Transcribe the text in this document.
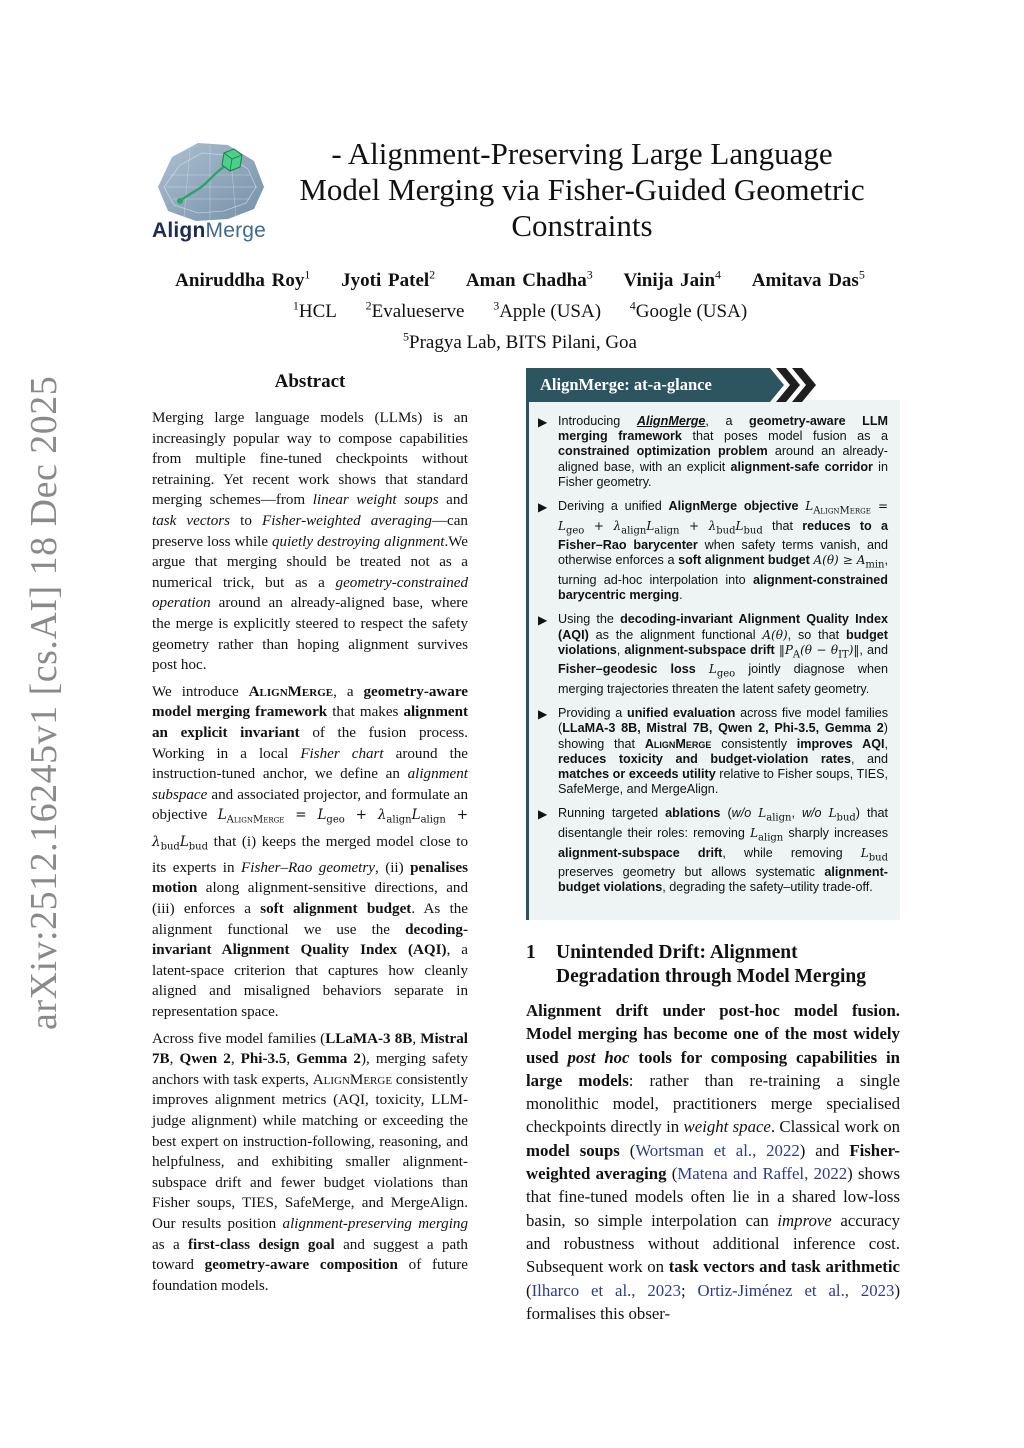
arXiv:2512.16245v1 [cs.AI] 18 Dec 2025
AlignMerge
- Alignment-Preserving Large Language
Model Merging via Fisher-Guided Geometric
Constraints
Aniruddha Roy$^1$ Jyoti Patel$^2$ Aman Chadha$^3$ Vinija Jain$^4$ Amitava Das$^5$
$^1$HCL $^2$Evalueserve $^3$Apple (USA) $^4$Google (USA)
$^5$Pragya Lab, BITS Pilani, Goa
Abstract

Merging large language models (LLMs) is an increasingly popular way to compose capabilities from multiple fine-tuned checkpoints without retraining. Yet recent work shows that standard merging schemes—from linear weight soups and task vectors to Fisher-weighted averaging—can preserve loss while quietly destroying alignment.We argue that merging should be treated not as a numerical trick, but as a geometry-constrained operation around an already-aligned base, where the merge is explicitly steered to respect the safety geometry rather than hoping alignment survives post hoc.

We introduce AlignMerge, a geometry-aware model merging framework that makes alignment an explicit invariant of the fusion process. Working in a local Fisher chart around the instruction-tuned anchor, we define an alignment subspace and associated projector, and formulate an objective $L_{AlignMerge} = L_{geo} + \lambda_{align}L_{align} + \lambda_{bud}L_{bud}$ that (i) keeps the merged model close to its experts in Fisher–Rao geometry, (ii) penalises motion along alignment-sensitive directions, and (iii) enforces a soft alignment budget. As the alignment functional we use the decoding-invariant Alignment Quality Index (AQI), a latent-space criterion that captures how cleanly aligned and misaligned behaviors separate in representation space.

Across five model families (LLaMA-3 8B, Mistral 7B, Qwen 2, Phi-3.5, Gemma 2), merging safety anchors with task experts, AlignMerge consistently improves alignment metrics (AQI, toxicity, LLM-judge alignment) while matching or exceeding the best expert on instruction-following, reasoning, and helpfulness, and exhibiting smaller alignment-subspace drift and fewer budget violations than Fisher soups, TIES, SafeMerge, and MergeAlign. Our results position alignment-preserving merging as a first-class design goal and suggest a path toward geometry-aware composition of future foundation models.

AlignMerge: at-a-glance
▶ Introducing AlignMerge, a geometry-aware LLM merging framework that poses model fusion as a constrained optimization problem around an already-aligned base, with an explicit alignment-safe corridor in Fisher geometry.
▶ Deriving a unified AlignMerge objective $L_{AlignMerge} = L_{geo} + \lambda_{align}L_{align} + \lambda_{bud}L_{bud}$ that reduces to a Fisher–Rao barycenter when safety terms vanish, and otherwise enforces a soft alignment budget $A(\theta) \ge A_{min}$, turning ad-hoc interpolation into alignment-constrained barycentric merging.
▶ Using the decoding-invariant Alignment Quality Index (AQI) as the alignment functional A(θ), so that budget violations, alignment-subspace drift $‖P_A(\theta$ − $\theta_{IT})‖$, and Fisher–geodesic loss $L_{geo}$ jointly diagnose when merging trajectories threaten the latent safety geometry.
▶ Providing a unified evaluation across five model families (LLaMA-3 8B, Mistral 7B, Qwen 2, Phi-3.5, Gemma 2) showing that AlignMerge consistently improves AQI, reduces toxicity and budget-violation rates, and matches or exceeds utility relative to Fisher soups, TIES, SafeMerge, and MergeAlign.
▶ Running targeted ablations (w/o $L_{align}$, w/o $L_{bud}$) that disentangle their roles: removing $L_{align}$ sharply increases alignment-subspace drift, while removing $L_{bud}$ preserves geometry but allows systematic alignment-budget violations, degrading the safety–utility trade-off.
1 Unintended Drift: Alignment Degradation through Model Merging
Alignment drift under post-hoc model fusion. Model merging has become one of the most widely used post hoc tools for composing capabilities in large models: rather than re-training a single monolithic model, practitioners merge specialised checkpoints directly in weight space. Classical work on model soups (Wortsman et al., 2022) and Fisher-weighted averaging (Matena and Raffel, 2022) shows that fine-tuned models often lie in a shared low-loss basin, so simple interpolation can improve accuracy and robustness without additional inference cost. Subsequent work on task vectors and task arithmetic (Ilharco et al., 2023; Ortiz-Jiménez et al., 2023) formalises this obser-
